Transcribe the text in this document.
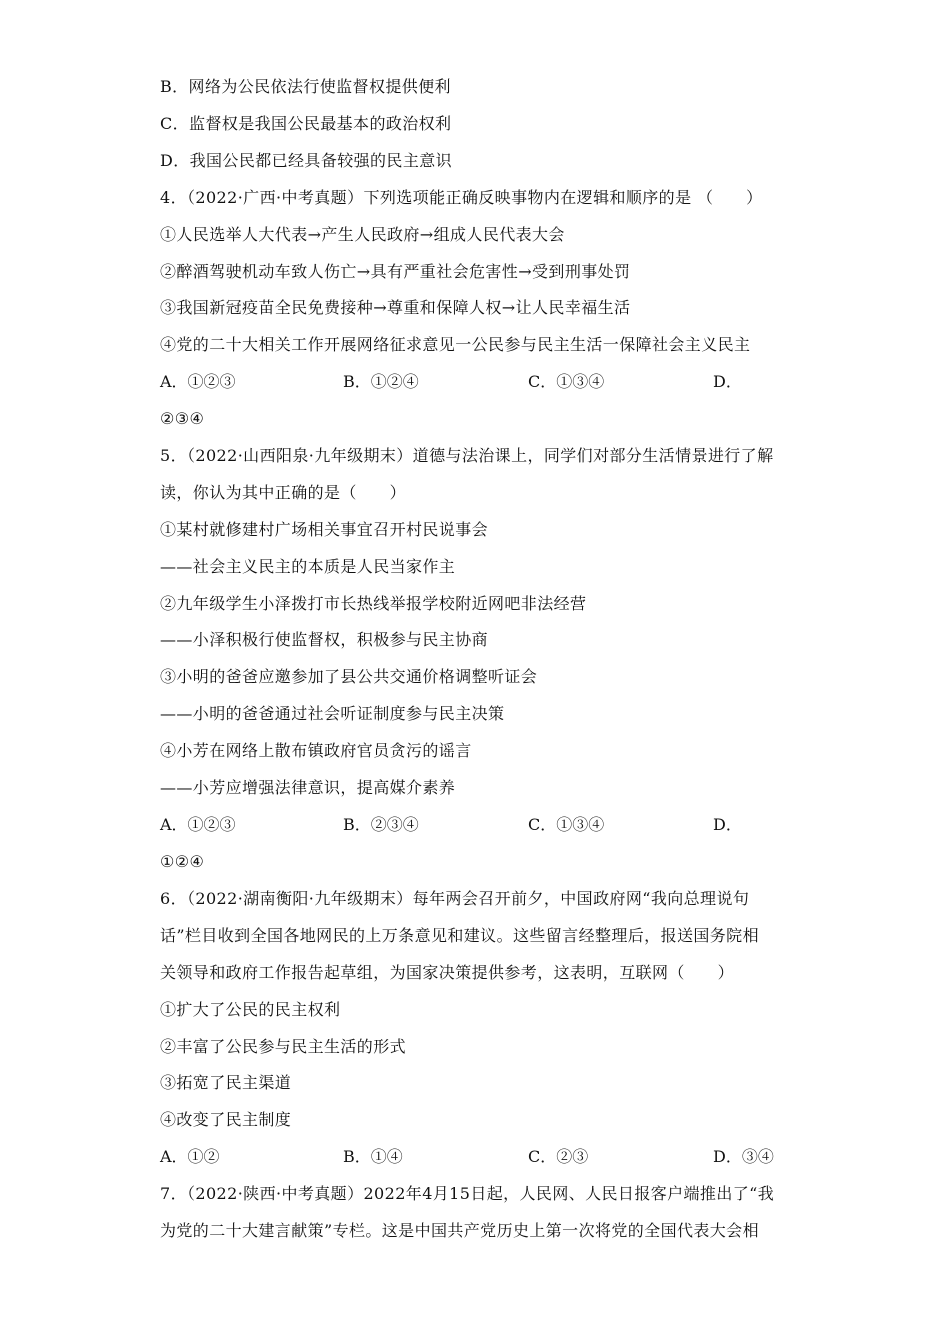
B．网络为公民依法行使监督权提供便利
C．监督权是我国公民最基本的政治权利
D．我国公民都已经具备较强的民主意识
4．（2022·广西·中考真题）下列选项能正确反映事物内在逻辑和顺序的是 （　　）
①人民选举人大代表→产生人民政府→组成人民代表大会
②醉酒驾驶机动车致人伤亡→具有严重社会危害性→受到刑事处罚
③我国新冠疫苗全民免费接种→尊重和保障人权→让人民幸福生活
④党的二十大相关工作开展网络征求意见一公民参与民主生活一保障社会主义民主
A．①②③	B．①②④	C．①③④	D．
②③④
5．（2022·山西阳泉·九年级期末）道德与法治课上，同学们对部分生活情景进行了解
读，你认为其中正确的是（　　）
①某村就修建村广场相关事宜召开村民说事会
——社会主义民主的本质是人民当家作主
②九年级学生小泽拨打市长热线举报学校附近网吧非法经营
——小泽积极行使监督权，积极参与民主协商
③小明的爸爸应邀参加了县公共交通价格调整听证会
——小明的爸爸通过社会听证制度参与民主决策
④小芳在网络上散布镇政府官员贪污的谣言
——小芳应增强法律意识，提高媒介素养
A．①②③	B．②③④	C．①③④	D．
①②④
6．（2022·湖南衡阳·九年级期末）每年两会召开前夕，中国政府网“我向总理说句
话”栏目收到全国各地网民的上万条意见和建议。这些留言经整理后，报送国务院相
关领导和政府工作报告起草组，为国家决策提供参考，这表明，互联网（　　）
①扩大了公民的民主权利
②丰富了公民参与民主生活的形式
③拓宽了民主渠道
④改变了民主制度
A．①②	B．①④	C．②③	D．③④
7．（2022·陕西·中考真题）2022年4月15日起，人民网、人民日报客户端推出了“我
为党的二十大建言献策”专栏。这是中国共产党历史上第一次将党的全国代表大会相
